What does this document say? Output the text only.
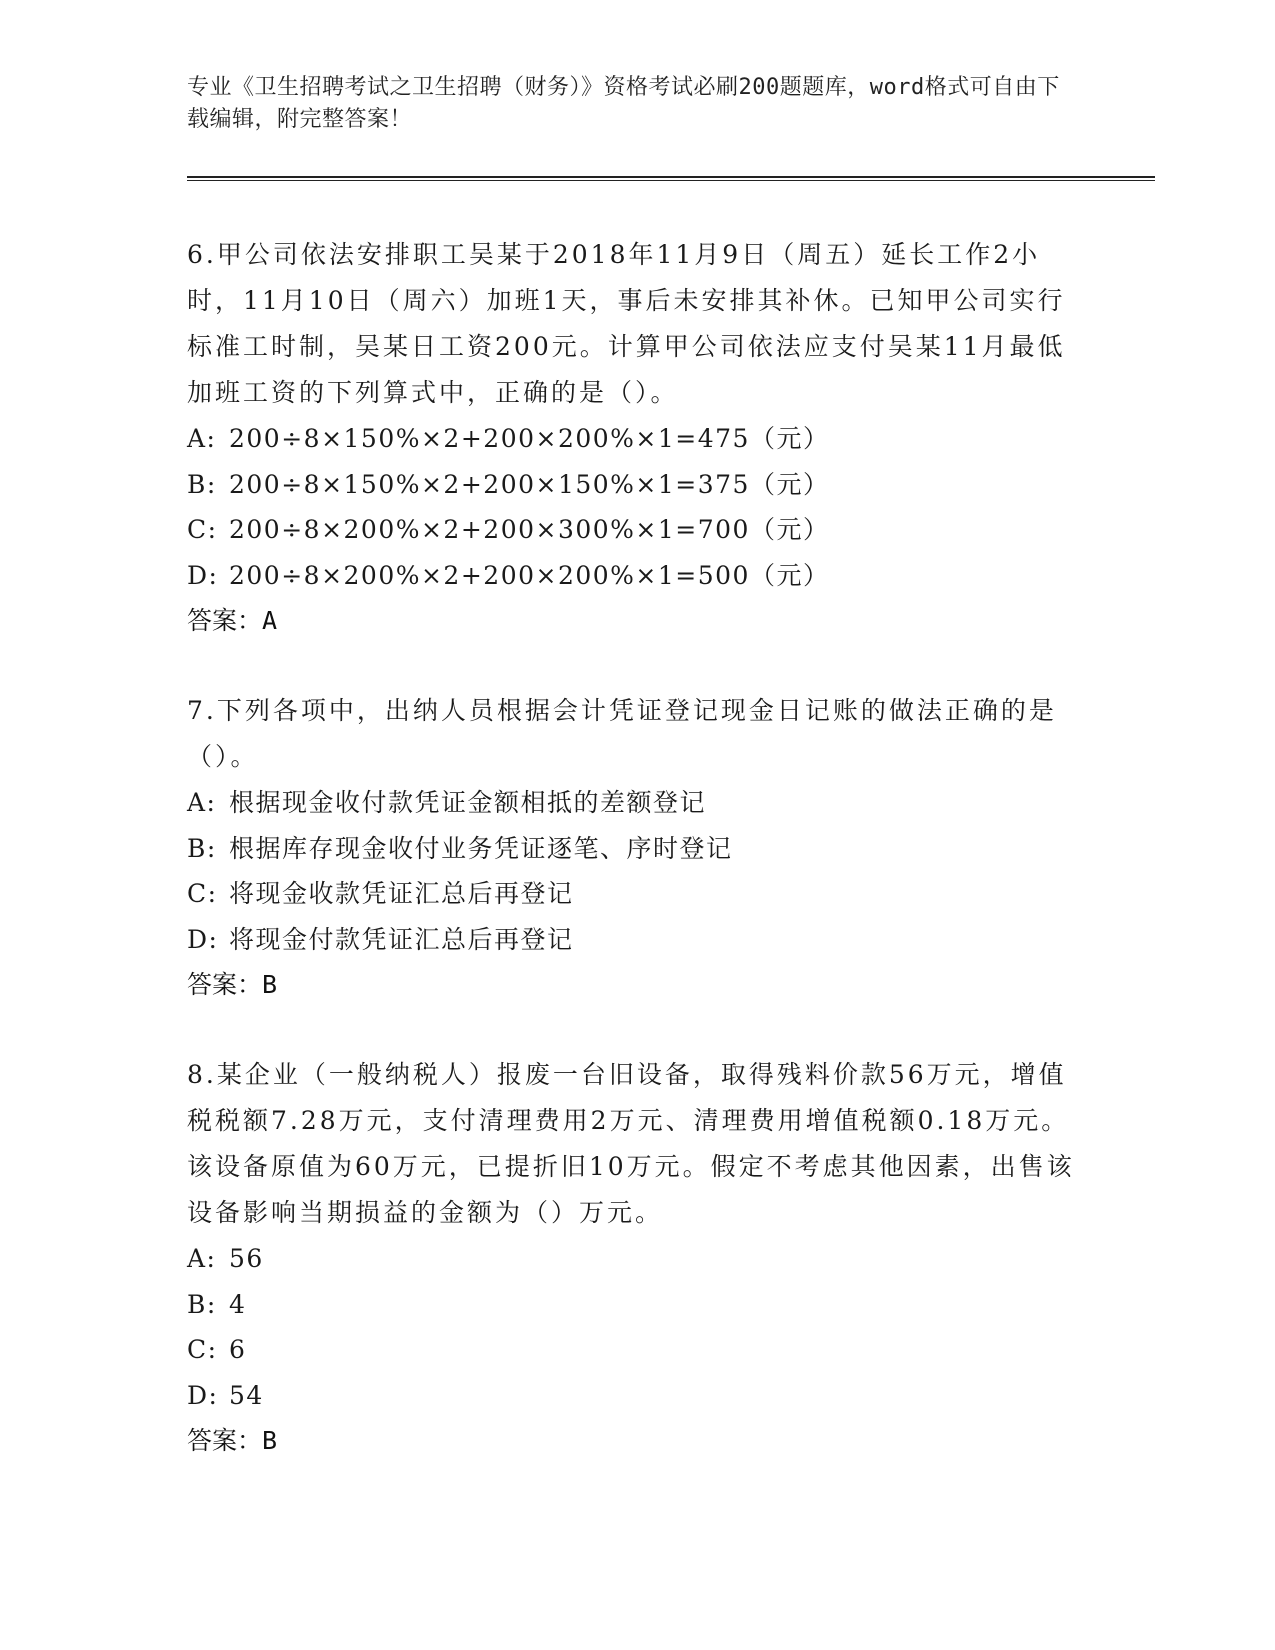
专业《卫生招聘考试之卫生招聘（财务）》资格考试必刷200题题库，word格式可自由下载编辑，附完整答案！

6.甲公司依法安排职工吴某于2018年11月9日（周五）延长工作2小时，11月10日（周六）加班1天，事后未安排其补休。已知甲公司实行标准工时制，吴某日工资200元。计算甲公司依法应支付吴某11月最低加班工资的下列算式中，正确的是（）。

A: 200÷8×150%×2+200×200%×1=475（元）

B: 200÷8×150%×2+200×150%×1=375（元）

C: 200÷8×200%×2+200×300%×1=700（元）

D: 200÷8×200%×2+200×200%×1=500（元）

答案：A

7.下列各项中，出纳人员根据会计凭证登记现金日记账的做法正确的是（）。

A: 根据现金收付款凭证金额相抵的差额登记

B: 根据库存现金收付业务凭证逐笔、序时登记

C: 将现金收款凭证汇总后再登记

D: 将现金付款凭证汇总后再登记

答案：B

8.某企业（一般纳税人）报废一台旧设备，取得残料价款56万元，增值税税额7.28万元，支付清理费用2万元、清理费用增值税额0.18万元。该设备原值为60万元，已提折旧10万元。假定不考虑其他因素，出售该设备影响当期损益的金额为（）万元。

A: 56

B: 4

C: 6

D: 54

答案：B
